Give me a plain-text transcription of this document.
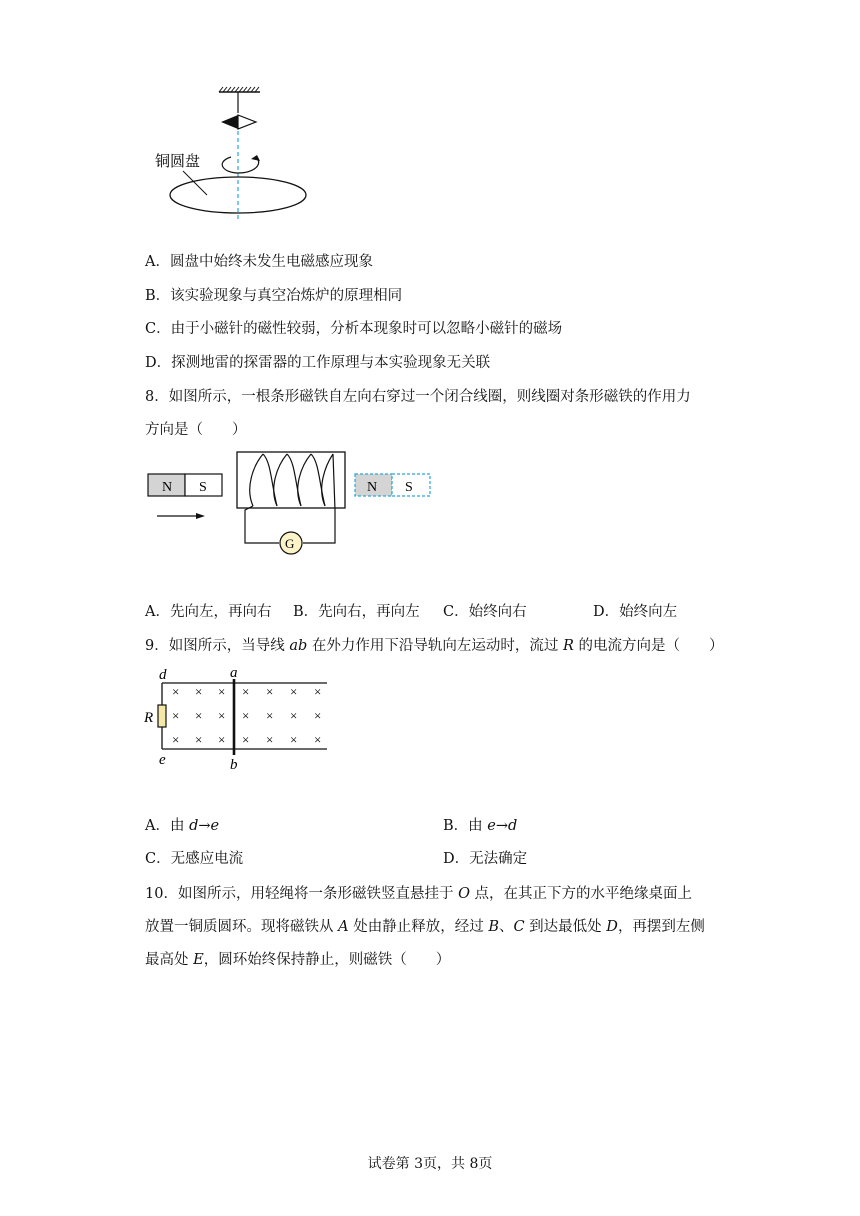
铜圆盘
A．圆盘中始终未发生电磁感应现象
B．该实验现象与真空冶炼炉的原理相同
C．由于小磁针的磁性较弱，分析本现象时可以忽略小磁针的磁场
D．探测地雷的探雷器的工作原理与本实验现象无关联
8．如图所示，一根条形磁铁自左向右穿过一个闭合线圈，则线圈对条形磁铁的作用力
方向是（　　）
N S
G
N S
A．先向左，再向右 B．先向右，再向左 C．始终向右	D．始终向左
9．如图所示，当导线 ab 在外力作用下沿导轨向左运动时，流过 R 的电流方向是（　　）
d	a
R
e	b
× × × × × × ×
× × × × × × ×
× × × × × × ×
A．由 d→e	B．由 e→d
C．无感应电流	D．无法确定
10．如图所示，用轻绳将一条形磁铁竖直悬挂于 O 点，在其正下方的水平绝缘桌面上
放置一铜质圆环。现将磁铁从 A 处由静止释放，经过 B、C 到达最低处 D，再摆到左侧
最高处 E，圆环始终保持静止，则磁铁（　　）
试卷第 3页，共 8页
